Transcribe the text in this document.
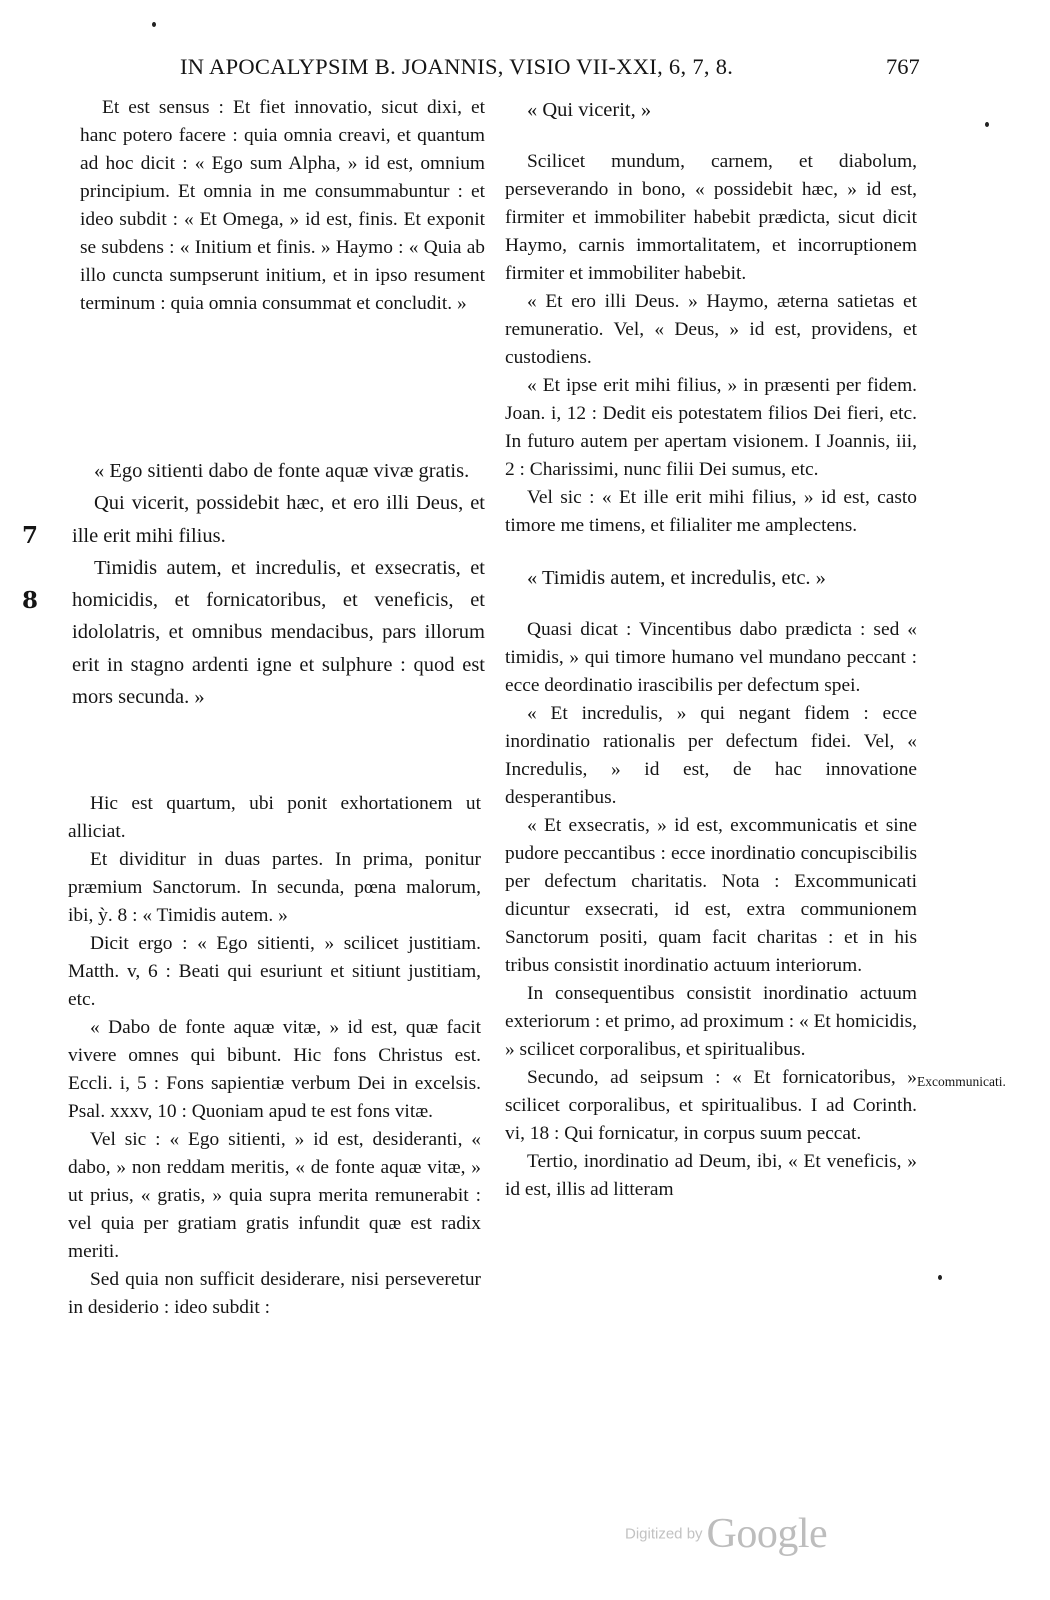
IN APOCALYPSIM B. JOANNIS, VISIO VII-XXI, 6, 7, 8.	767

Et est sensus : Et fiet innovatio, sicut dixi, et hanc potero facere : quia omnia creavi, et quantum ad hoc dicit : « Ego sum Alpha, » id est, omnium principium. Et omnia in me consummabuntur : et ideo subdit : « Et Omega, » id est, finis. Et exponit se subdens : « Initium et finis. » Haymo : « Quia ab illo cuncta sumpserunt initium, et in ipso resument terminum : quia omnia consummat et concludit. »

« Ego sitienti dabo de fonte aquæ vivæ gratis.

Qui vicerit, possidebit hæc, et ero illi Deus, et ille erit mihi filius.

Timidis autem, et incredulis, et exsecratis, et homicidis, et fornicatoribus, et veneficis, et idololatris, et omnibus mendacibus, pars illorum erit in stagno ardenti igne et sulphure : quod est mors secunda. »

7
8

Hic est quartum, ubi ponit exhortationem ut alliciat.

Et dividitur in duas partes. In prima, ponitur præmium Sanctorum. In secunda, pœna malorum, ibi, ỳ. 8 : « Timidis autem. »

Dicit ergo : « Ego sitienti, » scilicet justitiam. Matth. v, 6 : Beati qui esuriunt et sitiunt justitiam, etc.

« Dabo de fonte aquæ vitæ, » id est, quæ facit vivere omnes qui bibunt. Hic fons Christus est. Eccli. i, 5 : Fons sapientiæ verbum Dei in excelsis. Psal. xxxv, 10 : Quoniam apud te est fons vitæ.

Vel sic : « Ego sitienti, » id est, desideranti, « dabo, » non reddam meritis, « de fonte aquæ vitæ, » ut prius, « gratis, » quia supra merita remunerabit : vel quia per gratiam gratis infundit quæ est radix meriti.

Sed quia non sufficit desiderare, nisi perseveretur in desiderio : ideo subdit :

« Qui vicerit, »

Scilicet mundum, carnem, et diabolum, perseverando in bono, « possidebit hæc, » id est, firmiter et immobiliter habebit prædicta, sicut dicit Haymo, carnis immortalitatem, et incorruptionem firmiter et immobiliter habebit.

« Et ero illi Deus. » Haymo, æterna satietas et remuneratio. Vel, « Deus, » id est, providens, et custodiens.

« Et ipse erit mihi filius, » in præsenti per fidem. Joan. i, 12 : Dedit eis potestatem filios Dei fieri, etc. In futuro autem per apertam visionem. I Joannis, iii, 2 : Charissimi, nunc filii Dei sumus, etc.

Vel sic : « Et ille erit mihi filius, » id est, casto timore me timens, et filialiter me amplectens.

« Timidis autem, et incredulis, etc. »

Quasi dicat : Vincentibus dabo prædicta : sed « timidis, » qui timore humano vel mundano peccant : ecce deordinatio irascibilis per defectum spei.

« Et incredulis, » qui negant fidem : ecce inordinatio rationalis per defectum fidei. Vel, « Incredulis, » id est, de hac innovatione desperantibus.

« Et exsecratis, » id est, excommunicatis et sine pudore peccantibus : ecce inordinatio concupiscibilis per defectum charitatis. Nota : Excommunicati dicuntur exsecrati, id est, extra communionem Sanctorum positi, quam facit charitas : et in his tribus consistit inordinatio actuum interiorum.

In consequentibus consistit inordinatio actuum exteriorum : et primo, ad proximum : « Et homicidis, » scilicet corporalibus, et spiritualibus.

Secundo, ad seipsum : « Et fornicatoribus, » scilicet corporalibus, et spiritualibus. I ad Corinth. vi, 18 : Qui fornicatur, in corpus suum peccat.

Tertio, inordinatio ad Deum, ibi, « Et veneficis, » id est, illis ad litteram

Excommunicati.
Digitized by Google
